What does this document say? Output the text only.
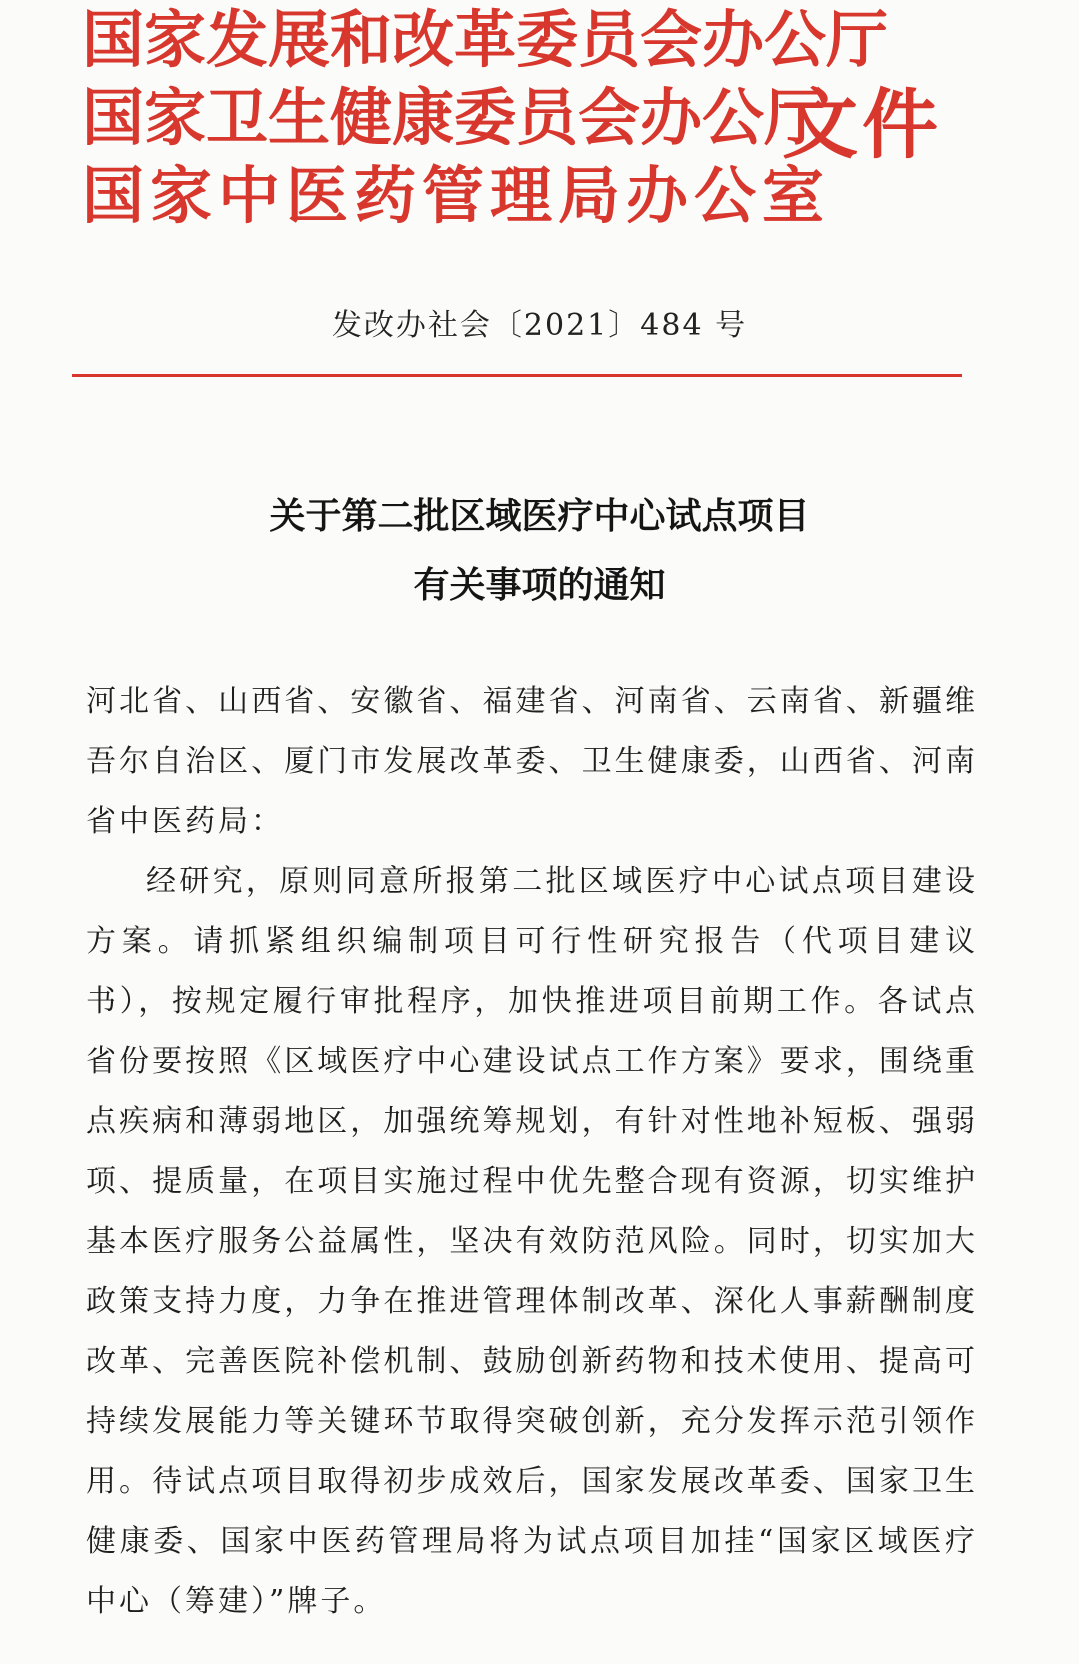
国家发展和改革委员会办公厅
国家卫生健康委员会办公厅
国家中医药管理局办公室
文件
发改办社会〔2021〕484 号
关于第二批区域医疗中心试点项目
有关事项的通知

河北省、山西省、安徽省、福建省、河南省、云南省、新疆维吾尔自治区、厦门市发展改革委、卫生健康委，山西省、河南省中医药局：

经研究，原则同意所报第二批区域医疗中心试点项目建设方案。请抓紧组织编制项目可行性研究报告（代项目建议书），按规定履行审批程序，加快推进项目前期工作。各试点省份要按照《区域医疗中心建设试点工作方案》要求，围绕重点疾病和薄弱地区，加强统筹规划，有针对性地补短板、强弱项、提质量，在项目实施过程中优先整合现有资源，切实维护基本医疗服务公益属性，坚决有效防范风险。同时，切实加大政策支持力度，力争在推进管理体制改革、深化人事薪酬制度改革、完善医院补偿机制、鼓励创新药物和技术使用、提高可持续发展能力等关键环节取得突破创新，充分发挥示范引领作用。待试点项目取得初步成效后，国家发展改革委、国家卫生健康委、国家中医药管理局将为试点项目加挂“国家区域医疗中心（筹建）”牌子。
